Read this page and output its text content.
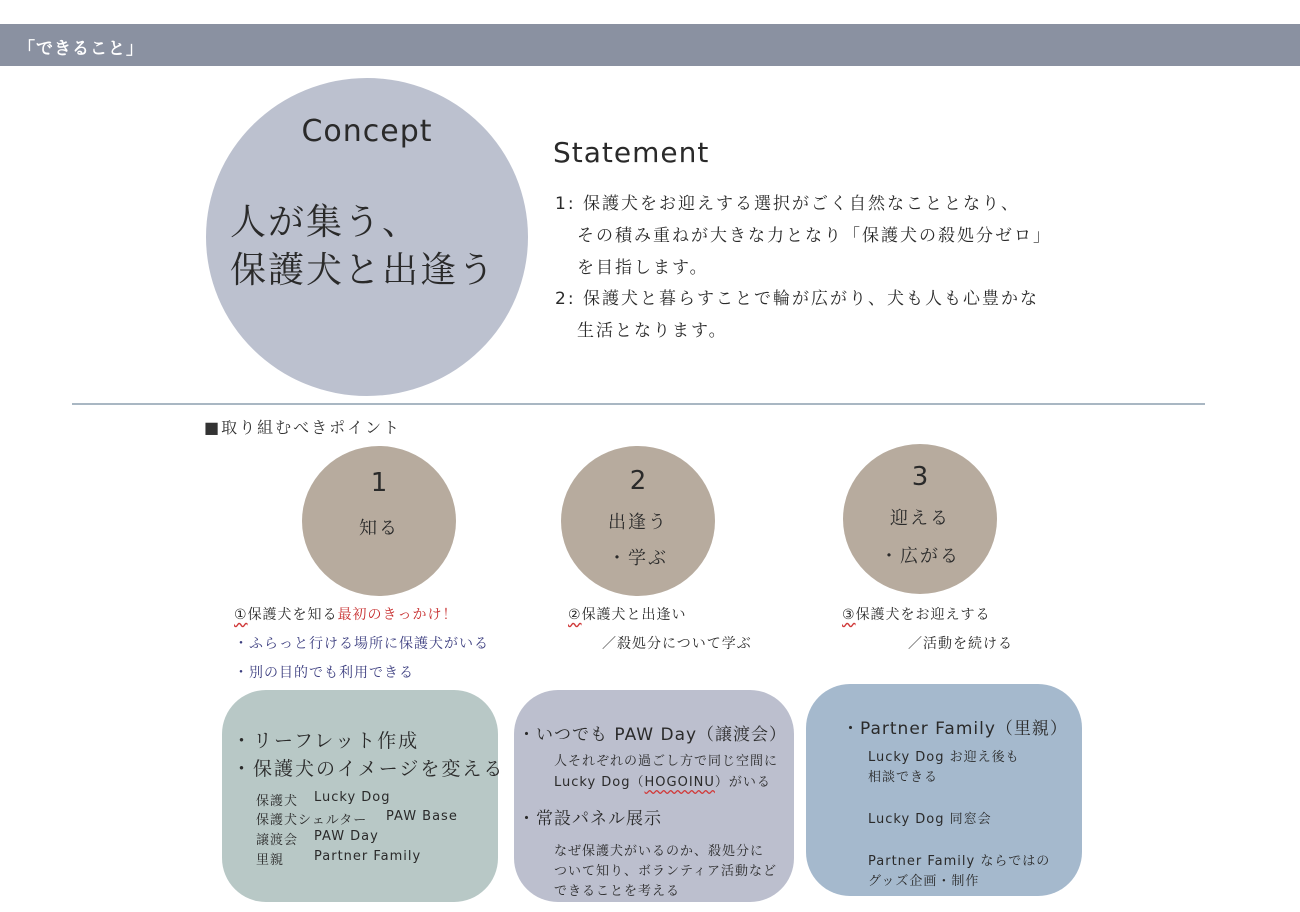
「できること」
Concept
人が集う、
保護犬と出逢う
Statement
1: 保護犬をお迎えする選択がごく自然なこととなり、
その積み重ねが大きな力となり「保護犬の殺処分ゼロ」
を目指します。
2: 保護犬と暮らすことで輪が広がり、犬も人も心豊かな
生活となります。
■取り組むべきポイント
1
知る
2
出逢う
・学ぶ
3
迎える
・広がる
①保護犬を知る最初のきっかけ！
・ふらっと行ける場所に保護犬がいる
・別の目的でも利用できる
②保護犬と出逢い
／殺処分について学ぶ
③保護犬をお迎えする
／活動を続ける
・リーフレット作成
・保護犬のイメージを変える
保護犬 Lucky Dog
保護犬シェルター PAW Base
譲渡会 PAW Day
里親 Partner Family
・いつでも PAW Day（譲渡会）
人それぞれの過ごし方で同じ空間に
Lucky Dog（HOGOINU）がいる
・常設パネル展示
なぜ保護犬がいるのか、殺処分に
ついて知り、ボランティア活動など
できることを考える
・Partner Family（里親）
Lucky Dog お迎え後も
相談できる
Lucky Dog 同窓会
Partner Family ならではの
グッズ企画・制作
